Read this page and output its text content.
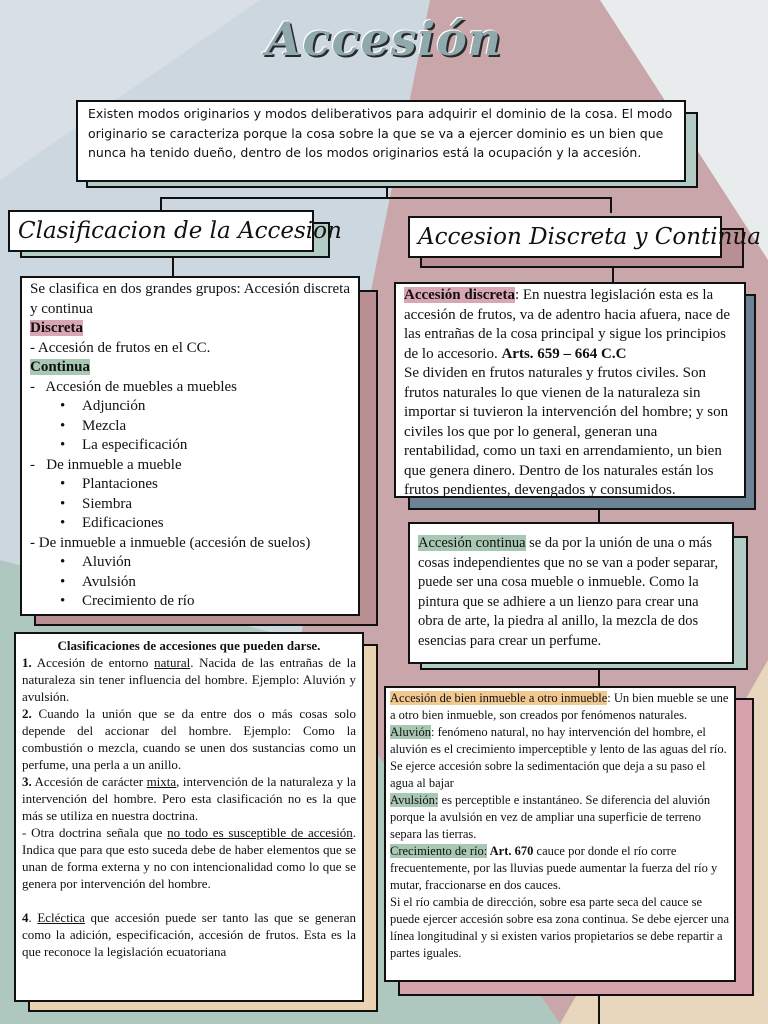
Accesión
Existen modos originarios y modos deliberativos para adquirir el dominio de la cosa. El modo originario se caracteriza porque la cosa sobre la que se va a ejercer dominio es un bien que nunca ha tenido dueño, dentro de los modos originarios está la ocupación y la accesión.
Clasificacion de la Accesion	Accesion Discreta y Continua
Se clasifica en dos grandes grupos: Accesión discreta y continua
Discreta
- Accesión de frutos en el CC.
Continua
-   Accesión de muebles a muebles
• Adjunción
• Mezcla
• La especificación
-   De inmueble a mueble
• Plantaciones
• Siembra
• Edificaciones
- De inmueble a inmueble (accesión de suelos)
• Aluvión
• Avulsión
• Crecimiento de río
Accesión discreta: En nuestra legislación esta es la accesión de frutos, va de adentro hacia afuera, nace de las entrañas de la cosa principal y sigue los principios de lo accesorio. Arts. 659 – 664 C.C
Se dividen en frutos naturales y frutos civiles. Son frutos naturales lo que vienen de la naturaleza sin importar si tuvieron la intervención del hombre; y son civiles los que por lo general, generan una rentabilidad, como un taxi en arrendamiento, un bien que genera dinero. Dentro de los naturales están los frutos pendientes, devengados y consumidos.
Accesión continua se da por la unión de una o más cosas independientes que no se van a poder separar, puede ser una cosa mueble o inmueble. Como la pintura que se adhiere a un lienzo para crear una obra de arte, la piedra al anillo, la mezcla de dos esencias para crear un perfume.
Clasificaciones de accesiones que pueden darse.
1. Accesión de entorno natural. Nacida de las entrañas de la naturaleza sin tener influencia del hombre. Ejemplo: Aluvión y avulsión.
2. Cuando la unión que se da entre dos o más cosas solo depende del accionar del hombre. Ejemplo: Como la combustión o mezcla, cuando se unen dos sustancias como un perfume, una perla a un anillo.
3. Accesión de carácter mixta, intervención de la naturaleza y la intervención del hombre. Pero esta clasificación no es la que más se utiliza en nuestra doctrina.
- Otra doctrina señala que no todo es susceptible de accesión. Indica que para que esto suceda debe de haber elementos que se unan de forma externa y no con intencionalidad como lo que se genera por intervención del hombre.
4. Ecléctica que accesión puede ser tanto las que se generan como la adición, especificación, accesión de frutos. Esta es la que reconoce la legislación ecuatoriana
Accesión de bien inmueble a otro inmueble: Un bien mueble se une a otro bien inmueble, son creados por fenómenos naturales.
Aluvión: fenómeno natural, no hay intervención del hombre, el aluvión es el crecimiento imperceptible y lento de las aguas del río. Se ejerce accesión sobre la sedimentación que deja a su paso el agua al bajar
Avulsión: es perceptible e instantáneo. Se diferencia del aluvión porque la avulsión en vez de ampliar una superficie de terreno separa las tierras.
Crecimiento de río: Art. 670 cauce por donde el río corre frecuentemente, por las lluvias puede aumentar la fuerza del río y mutar, fraccionarse en dos cauces.
Si el río cambia de dirección, sobre esa parte seca del cauce se puede ejercer accesión sobre esa zona continua. Se debe ejercer una línea longitudinal y si existen varios propietarios se debe repartir a partes iguales.
